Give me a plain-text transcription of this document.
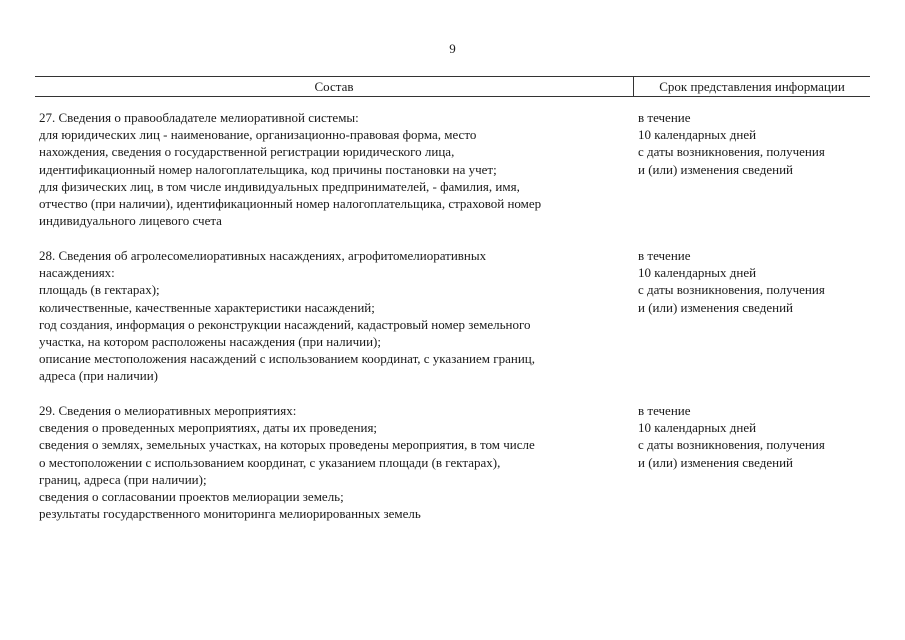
9
Состав	Срок представления информации
27. Сведения о правообладателе мелиоративной системы:
для юридических лиц - наименование, организационно-правовая форма, место
нахождения, сведения о государственной регистрации юридического лица,
идентификационный номер налогоплательщика, код причины постановки на учет;
для физических лиц, в том числе индивидуальных предпринимателей, - фамилия, имя,
отчество (при наличии), идентификационный номер налогоплательщика, страховой номер
индивидуального лицевого счета
в течение
10 календарных дней
с даты возникновения, получения
и (или) изменения сведений
28. Сведения об агролесомелиоративных насаждениях, агрофитомелиоративных
насаждениях:
площадь (в гектарах);
количественные, качественные характеристики насаждений;
год создания, информация о реконструкции насаждений, кадастровый номер земельного
участка, на котором расположены насаждения (при наличии);
описание местоположения насаждений с использованием координат, с указанием границ,
адреса (при наличии)
в течение
10 календарных дней
с даты возникновения, получения
и (или) изменения сведений
29. Сведения о мелиоративных мероприятиях:
сведения о проведенных мероприятиях, даты их проведения;
сведения о землях, земельных участках, на которых проведены мероприятия, в том числе
о местоположении с использованием координат, с указанием площади (в гектарах),
границ, адреса (при наличии);
сведения о согласовании проектов мелиорации земель;
результаты государственного мониторинга мелиорированных земель
в течение
10 календарных дней
с даты возникновения, получения
и (или) изменения сведений
